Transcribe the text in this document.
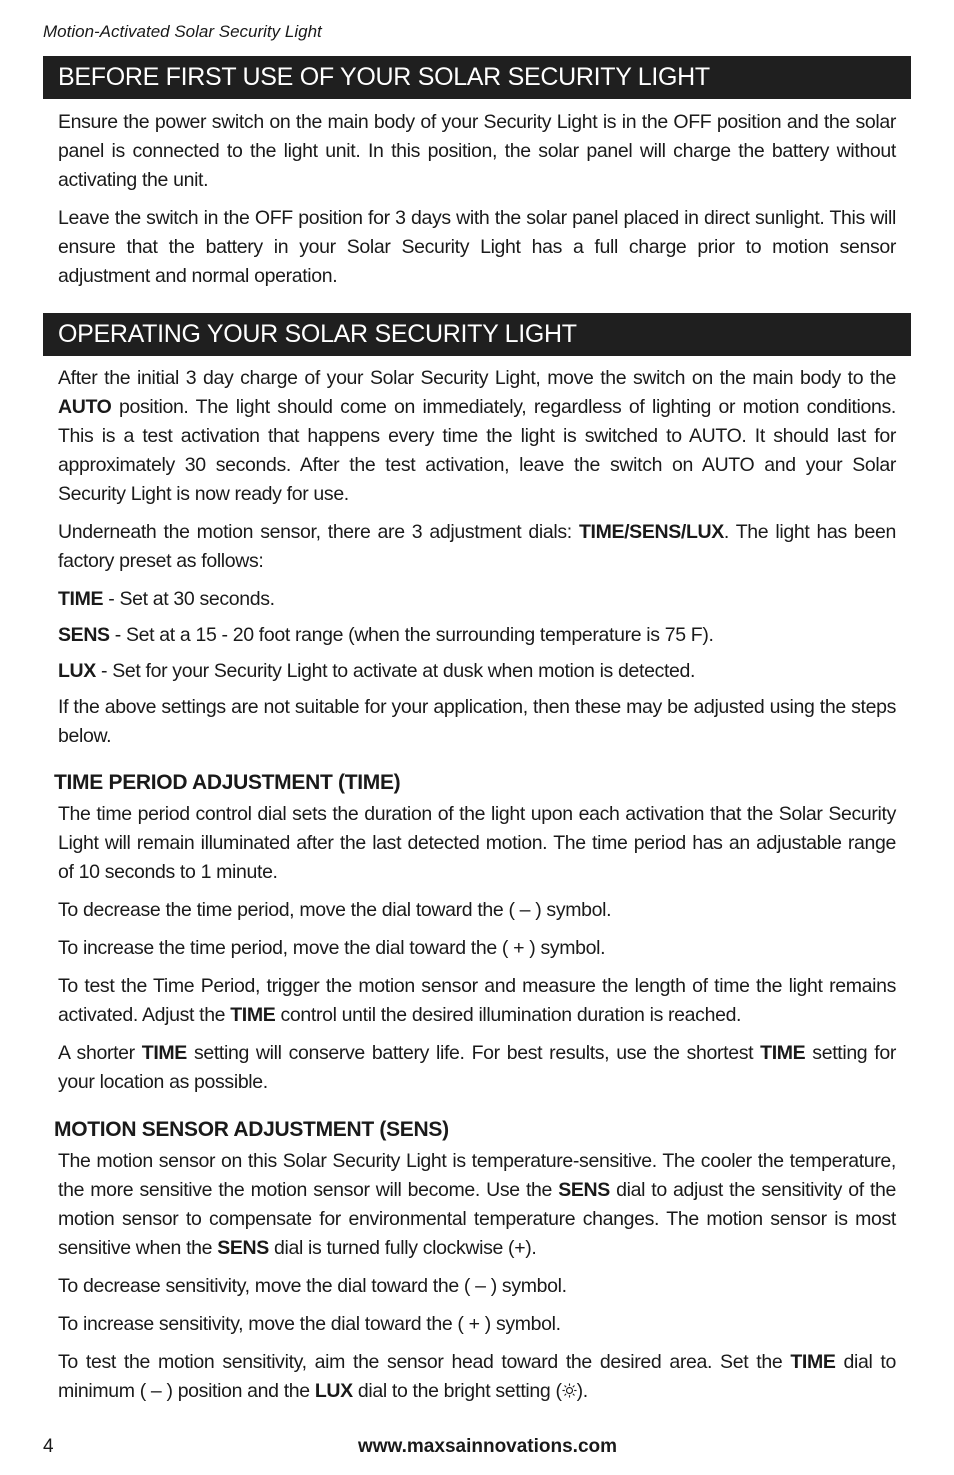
Motion-Activated Solar Security Light
BEFORE FIRST USE OF YOUR SOLAR SECURITY LIGHT

Ensure the power switch on the main body of your Security Light is in the OFF position and the solar panel is connected to the light unit. In this position, the solar panel will charge the battery without activating the unit.

Leave the switch in the OFF position for 3 days with the solar panel placed in direct sunlight. This will ensure that the battery in your Solar Security Light has a full charge prior to motion sensor adjustment and normal operation.

OPERATING YOUR SOLAR SECURITY LIGHT

After the initial 3 day charge of your Solar Security Light, move the switch on the main body to the AUTO position. The light should come on immediately, regardless of lighting or motion conditions. This is a test activation that happens every time the light is switched to AUTO. It should last for approximately 30 seconds. After the test activation, leave the switch on AUTO and your Solar Security Light is now ready for use.

Underneath the motion sensor, there are 3 adjustment dials: TIME/SENS/LUX. The light has been factory preset as follows:

TIME - Set at 30 seconds.

SENS - Set at a 15 - 20 foot range (when the surrounding temperature is 75 F).

LUX - Set for your Security Light to activate at dusk when motion is detected.

If the above settings are not suitable for your application, then these may be adjusted using the steps below.

TIME PERIOD ADJUSTMENT (TIME)

The time period control dial sets the duration of the light upon each activation that the Solar Security Light will remain illuminated after the last detected motion. The time period has an adjustable range of 10 seconds to 1 minute.

To decrease the time period, move the dial toward the ( – ) symbol.

To increase the time period, move the dial toward the ( + ) symbol.

To test the Time Period, trigger the motion sensor and measure the length of time the light remains activated. Adjust the TIME control until the desired illumination duration is reached.

A shorter TIME setting will conserve battery life. For best results, use the shortest TIME setting for your location as possible.

MOTION SENSOR ADJUSTMENT (SENS)

The motion sensor on this Solar Security Light is temperature-sensitive. The cooler the temperature, the more sensitive the motion sensor will become. Use the SENS dial to adjust the sensitivity of the motion sensor to compensate for environmental temperature changes. The motion sensor is most sensitive when the SENS dial is turned fully clockwise (+).

To decrease sensitivity, move the dial toward the ( – ) symbol.

To increase sensitivity, move the dial toward the ( + ) symbol.

To test the motion sensitivity, aim the sensor head toward the desired area. Set the TIME dial to minimum ( – ) position and the LUX dial to the bright setting ( ).

4	www.maxsainnovations.com
